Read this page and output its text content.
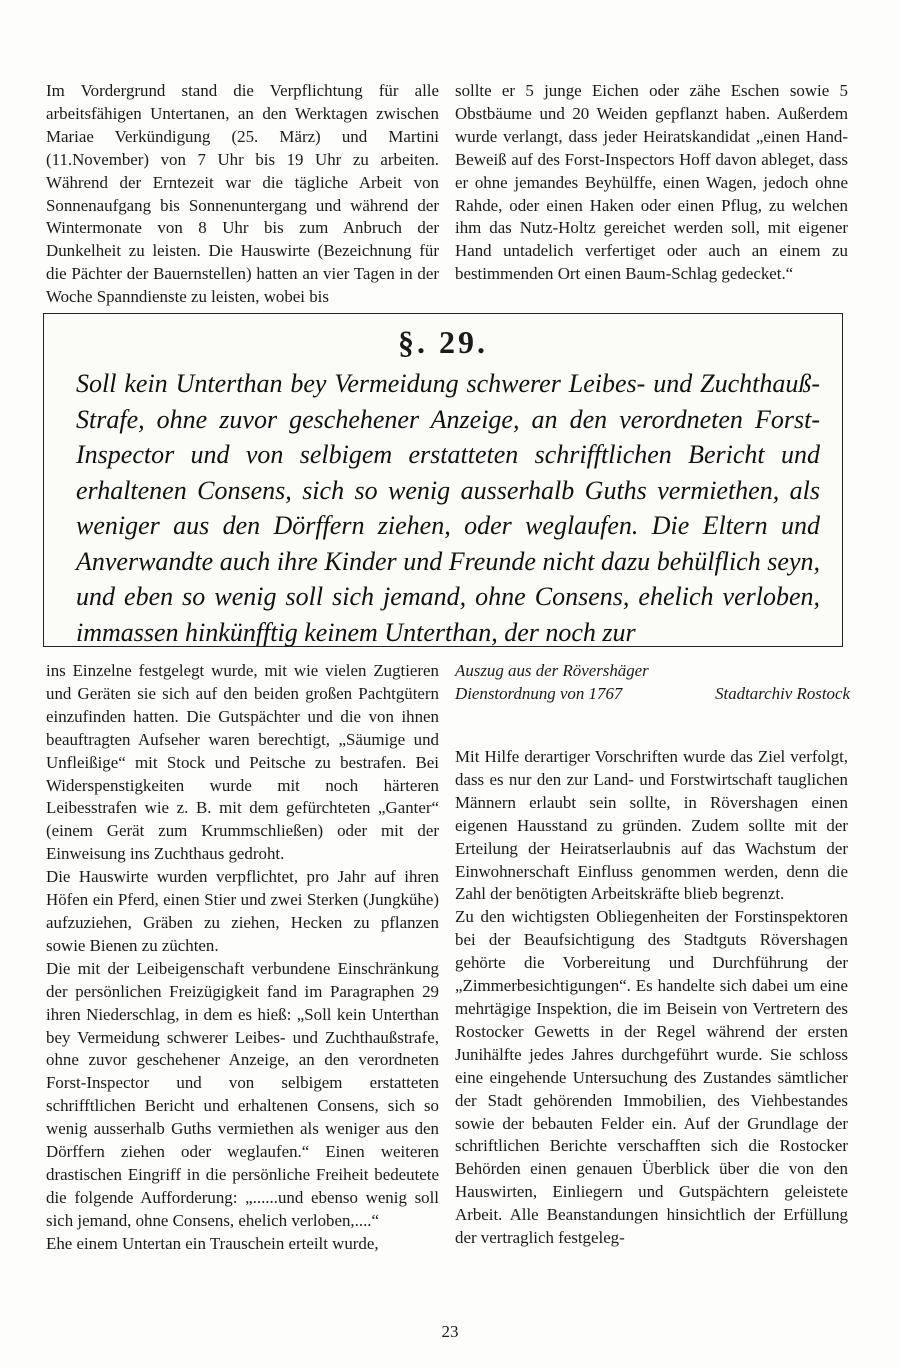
Im Vordergrund stand die Verpflichtung für alle arbeitsfähigen Untertanen, an den Werktagen zwischen Mariae Verkündigung (25. März) und Martini (11.November) von 7 Uhr bis 19 Uhr zu arbeiten. Während der Erntezeit war die tägliche Arbeit von Sonnenaufgang bis Sonnenuntergang und während der Wintermonate von 8 Uhr bis zum Anbruch der Dunkelheit zu leisten. Die Hauswirte (Bezeichnung für die Pächter der Bauernstellen) hatten an vier Tagen in der Woche Spanndienste zu leisten, wobei bis

sollte er 5 junge Eichen oder zähe Eschen sowie 5 Obstbäume und 20 Weiden gepflanzt haben. Außerdem wurde verlangt, dass jeder Heiratskandidat „einen Hand-Beweiß auf des Forst-Inspectors Hoff davon ableget, dass er ohne jemandes Beyhülffe, einen Wagen, jedoch ohne Rahde, oder einen Haken oder einen Pflug, zu welchen ihm das Nutz-Holtz gereichet werden soll, mit eigener Hand untadelich verfertiget oder auch an einem zu bestimmenden Ort einen Baum-Schlag gedecket.“

§. 29.
Soll kein Unterthan bey Vermeidung schwerer Leibes- und Zuchthauß-Strafe, ohne zuvor geschehener Anzeige, an den verordneten Forst-Inspector und von selbigem erstatteten schrifftlichen Bericht und erhaltenen Consens, sich so wenig ausserhalb Guths vermiethen, als weniger aus den Dörffern ziehen, oder weglaufen. Die Eltern und Anverwandte auch ihre Kinder und Freunde nicht dazu behülflich seyn, und eben so wenig soll sich jemand, ohne Consens, ehelich verloben, immassen hinkünfftig keinem Unterthan, der noch zur
Auszug aus der Rövershäger
Dienstordnung von 1767	Stadtarchiv Rostock

ins Einzelne festgelegt wurde, mit wie vielen Zugtieren und Geräten sie sich auf den beiden großen Pachtgütern einzufinden hatten. Die Gutspächter und die von ihnen beauftragten Aufseher waren berechtigt, „Säumige und Unfleißige“ mit Stock und Peitsche zu bestrafen. Bei Widerspenstigkeiten wurde mit noch härteren Leibesstrafen wie z. B. mit dem gefürchteten „Ganter“ (einem Gerät zum Krummschließen) oder mit der Einweisung ins Zuchthaus gedroht.

Die Hauswirte wurden verpflichtet, pro Jahr auf ihren Höfen ein Pferd, einen Stier und zwei Sterken (Jungkühe) aufzuziehen, Gräben zu ziehen, Hecken zu pflanzen sowie Bienen zu züchten.

Die mit der Leibeigenschaft verbundene Einschränkung der persönlichen Freizügigkeit fand im Paragraphen 29 ihren Niederschlag, in dem es hieß: „Soll kein Unterthan bey Vermeidung schwerer Leibes- und Zuchthaußstrafe, ohne zuvor geschehener Anzeige, an den verordneten Forst-Inspector und von selbigem erstatteten schrifftlichen Bericht und erhaltenen Consens, sich so wenig ausserhalb Guths vermiethen als weniger aus den Dörffern ziehen oder weglaufen.“ Einen weiteren drastischen Eingriff in die persönliche Freiheit bedeutete die folgende Aufforderung: „......und ebenso wenig soll sich jemand, ohne Consens, ehelich verloben,....“

Ehe einem Untertan ein Trauschein erteilt wurde,

Mit Hilfe derartiger Vorschriften wurde das Ziel verfolgt, dass es nur den zur Land- und Forstwirtschaft tauglichen Männern erlaubt sein sollte, in Rövershagen einen eigenen Hausstand zu gründen. Zudem sollte mit der Erteilung der Heiratserlaubnis auf das Wachstum der Einwohnerschaft Einfluss genommen werden, denn die Zahl der benötigten Arbeitskräfte blieb begrenzt.

Zu den wichtigsten Obliegenheiten der Forstinspektoren bei der Beaufsichtigung des Stadtguts Rövershagen gehörte die Vorbereitung und Durchführung der „Zimmerbesichtigungen“. Es handelte sich dabei um eine mehrtägige Inspektion, die im Beisein von Vertretern des Rostocker Gewetts in der Regel während der ersten Junihälfte jedes Jahres durchgeführt wurde. Sie schloss eine eingehende Untersuchung des Zustandes sämtlicher der Stadt gehörenden Immobilien, des Viehbestandes sowie der bebauten Felder ein. Auf der Grundlage der schriftlichen Berichte verschafften sich die Rostocker Behörden einen genauen Überblick über die von den Hauswirten, Einliegern und Gutspächtern geleistete Arbeit. Alle Beanstandungen hinsichtlich der Erfüllung der vertraglich festgeleg-

23
